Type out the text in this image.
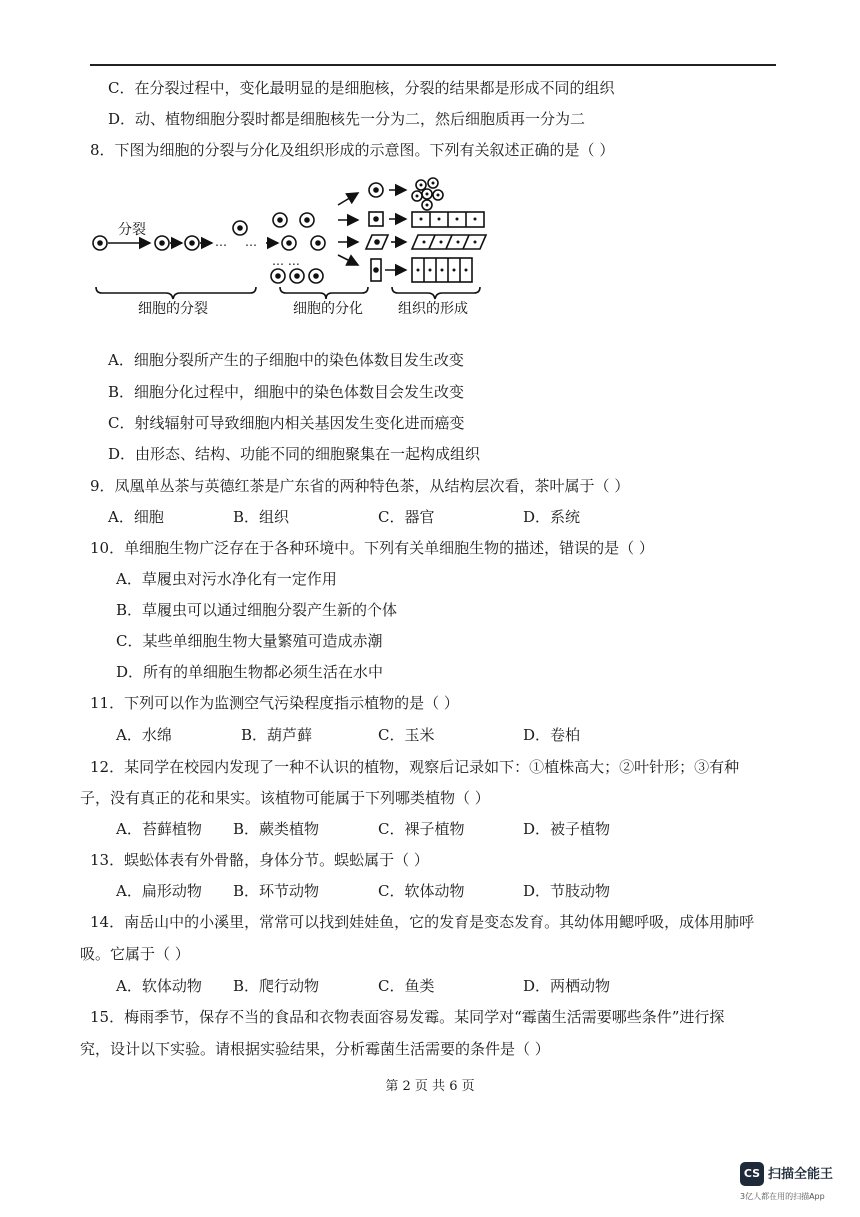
C．在分裂过程中，变化最明显的是细胞核，分裂的结果都是形成不同的组织
D．动、植物细胞分裂时都是细胞核先一分为二，然后细胞质再一分为二
8．下图为细胞的分裂与分化及组织形成的示意图。下列有关叙述正确的是（ ）
… …
… …
分裂
细胞的分裂	细胞的分化	组织的形成
A．细胞分裂所产生的子细胞中的染色体数目发生改变
B．细胞分化过程中，细胞中的染色体数目会发生改变
C．射线辐射可导致细胞内相关基因发生变化进而癌变
D．由形态、结构、功能不同的细胞聚集在一起构成组织
9．凤凰单丛茶与英德红茶是广东省的两种特色茶，从结构层次看，茶叶属于（ ）
A．细胞	B．组织	C．器官	D．系统
10．单细胞生物广泛存在于各种环境中。下列有关单细胞生物的描述，错误的是（ ）
A．草履虫对污水净化有一定作用
B．草履虫可以通过细胞分裂产生新的个体
C．某些单细胞生物大量繁殖可造成赤潮
D．所有的单细胞生物都必须生活在水中
11．下列可以作为监测空气污染程度指示植物的是（ ）
A．水绵	B．葫芦藓	C．玉米	D．卷柏
12．某同学在校园内发现了一种不认识的植物，观察后记录如下：①植株高大；②叶针形；③有种
子，没有真正的花和果实。该植物可能属于下列哪类植物（ ）
A．苔藓植物 B．蕨类植物	C．裸子植物	D．被子植物
13．蜈蚣体表有外骨骼，身体分节。蜈蚣属于（ ）
A．扁形动物 B．环节动物	C．软体动物	D．节肢动物
14．南岳山中的小溪里，常常可以找到娃娃鱼，它的发育是变态发育。其幼体用鳃呼吸，成体用肺呼
吸。它属于（ ）
A．软体动物 B．爬行动物	C．鱼类	D．两栖动物
15．梅雨季节，保存不当的食品和衣物表面容易发霉。某同学对“霉菌生活需要哪些条件”进行探
究，设计以下实验。请根据实验结果，分析霉菌生活需要的条件是（ ）
第 2 页 共 6 页
CS 扫描全能王
3亿人都在用的扫描App
